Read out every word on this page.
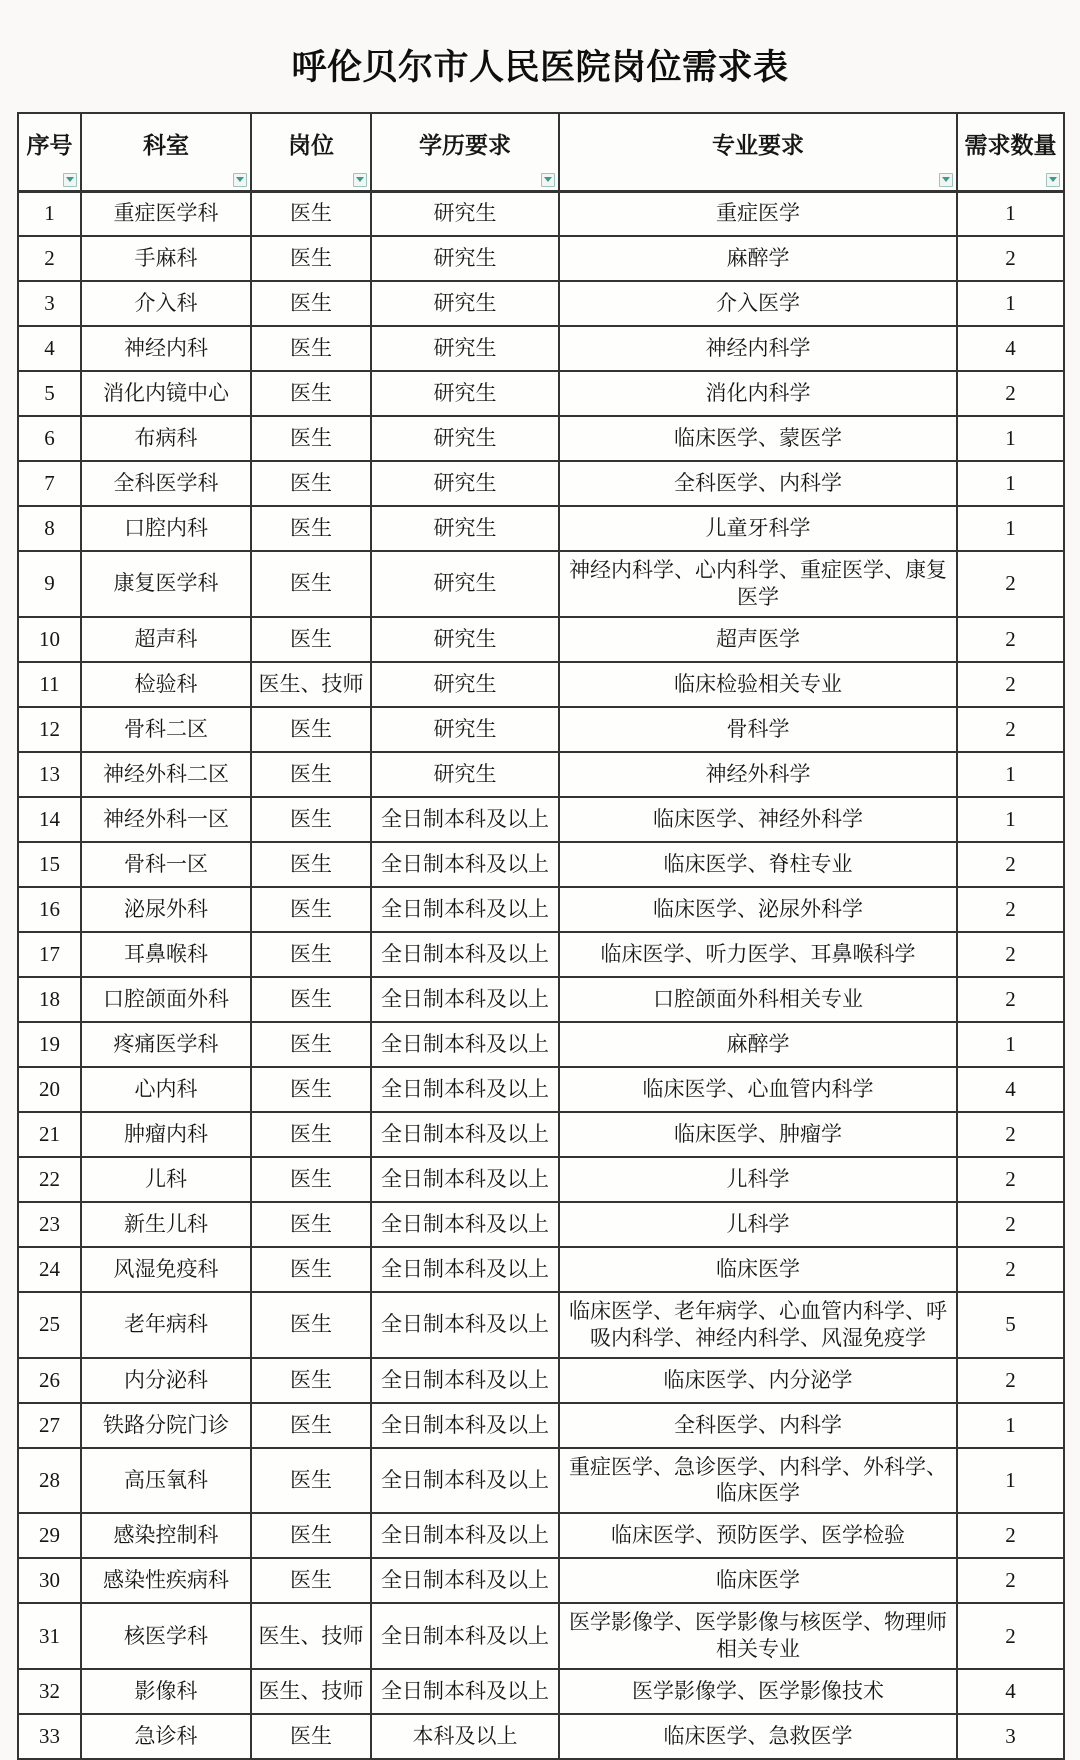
呼伦贝尔市人民医院岗位需求表
序号	科室	岗位	学历要求	专业要求	需求数量

1	重症医学科	医生	研究生	重症医学	1
2	手麻科	医生	研究生	麻醉学	2
3	介入科	医生	研究生	介入医学	1
4	神经内科	医生	研究生	神经内科学	4
5	消化内镜中心	医生	研究生	消化内科学	2
6	布病科	医生	研究生	临床医学、蒙医学	1
7	全科医学科	医生	研究生	全科医学、内科学	1
8	口腔内科	医生	研究生	儿童牙科学	1
9	康复医学科	医生	研究生	神经内科学、心内科学、重症医学、康复医学	2
10	超声科	医生	研究生	超声医学	2
11	检验科	医生、技师	研究生	临床检验相关专业	2
12	骨科二区	医生	研究生	骨科学	2
13	神经外科二区	医生	研究生	神经外科学	1
14	神经外科一区	医生	全日制本科及以上	临床医学、神经外科学	1
15	骨科一区	医生	全日制本科及以上	临床医学、脊柱专业	2
16	泌尿外科	医生	全日制本科及以上	临床医学、泌尿外科学	2
17	耳鼻喉科	医生	全日制本科及以上	临床医学、听力医学、耳鼻喉科学	2
18	口腔颌面外科	医生	全日制本科及以上	口腔颌面外科相关专业	2
19	疼痛医学科	医生	全日制本科及以上	麻醉学	1
20	心内科	医生	全日制本科及以上	临床医学、心血管内科学	4
21	肿瘤内科	医生	全日制本科及以上	临床医学、肿瘤学	2
22	儿科	医生	全日制本科及以上	儿科学	2
23	新生儿科	医生	全日制本科及以上	儿科学	2
24	风湿免疫科	医生	全日制本科及以上	临床医学	2
25	老年病科	医生	全日制本科及以上	临床医学、老年病学、心血管内科学、呼吸内科学、神经内科学、风湿免疫学	5
26	内分泌科	医生	全日制本科及以上	临床医学、内分泌学	2
27	铁路分院门诊	医生	全日制本科及以上	全科医学、内科学	1
28	高压氧科	医生	全日制本科及以上	重症医学、急诊医学、内科学、外科学、临床医学	1
29	感染控制科	医生	全日制本科及以上	临床医学、预防医学、医学检验	2
30	感染性疾病科	医生	全日制本科及以上	临床医学	2
31	核医学科	医生、技师	全日制本科及以上	医学影像学、医学影像与核医学、物理师相关专业	2
32	影像科	医生、技师	全日制本科及以上	医学影像学、医学影像技术	4
33	急诊科	医生	本科及以上	临床医学、急救医学	3
